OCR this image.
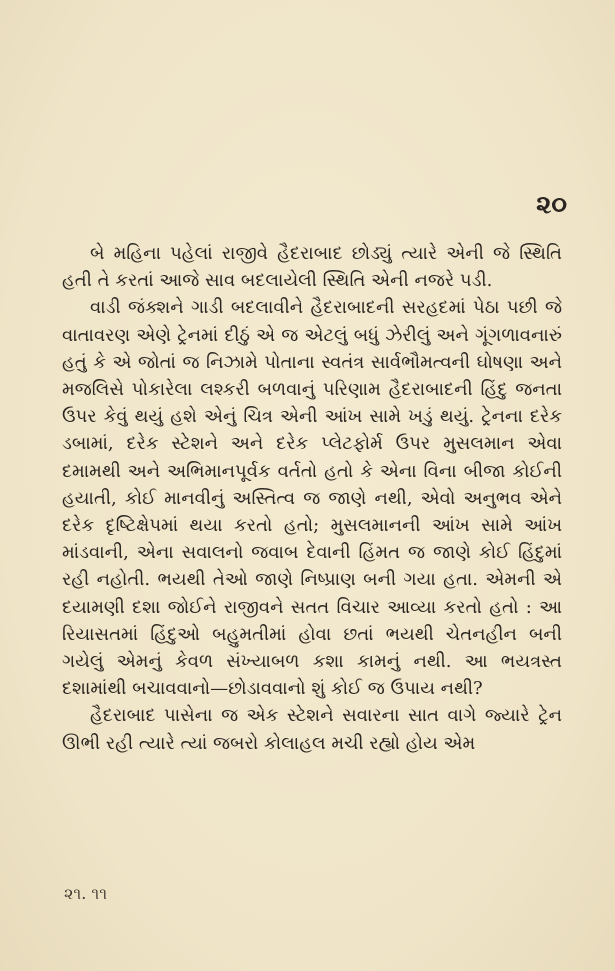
૨૦

બે મહિના પહેલાં રાજીવે હૈદરાબાદ છોડ્યું ત્યારે એની જે સ્થિતિ હતી તે કરતાં આજે સાવ બદલાયેલી સ્થિતિ એની નજરે પડી.

વાડી જંક્શને ગાડી બદલાવીને હૈદરાબાદની સરહદમાં પેઠા પછી જે વાતાવરણ એણે ટ્રેનમાં દીઠું એ જ એટલું બધું ઝેરીલું અને ગૂંગળાવનારું હતું કે એ જોતાં જ નિઝામે પોતાના સ્વતંત્ર સાર્વભૌમત્વની ઘોષણા અને મજલિસે પોકારેલા લશ્કરી બળવાનું પરિણામ હૈદરાબાદની હિંદુ જનતા ઉપર કેવું થયું હશે એનું ચિત્ર એની આંખ સામે ખડું થયું. ટ્રેનના દરેક ડબામાં, દરેક સ્ટેશને અને દરેક પ્લેટફોર્મ ઉપર મુસલમાન એવા દમામથી અને અભિમાનપૂર્વક વર્તતો હતો કે એના વિના બીજા કોઈની હયાતી, કોઈ માનવીનું અસ્તિત્વ જ જાણે નથી, એવો અનુભવ એને દરેક દૃષ્ટિક્ષેપમાં થયા કરતો હતો; મુસલમાનની આંખ સામે આંખ માંડવાની, એના સવાલનો જવાબ દેવાની હિંમત જ જાણે કોઈ હિંદુમાં રહી નહોતી. ભયથી તેઓ જાણે નિષ્પ્રાણ બની ગયા હતા. એમની એ દયામણી દશા જોઈને રાજીવને સતત વિચાર આવ્યા કરતો હતો : આ રિયાસતમાં હિંદુઓ બહુમતીમાં હોવા છતાં ભયથી ચેતનહીન બની ગયેલું એમનું કેવળ સંખ્યાબળ કશા કામનું નથી. આ ભયત્રસ્ત દશામાંથી બચાવવાનો—છોડાવવાનો શું કોઈ જ ઉપાય નથી?

હૈદરાબાદ પાસેના જ એક સ્ટેશને સવારના સાત વાગે જ્યારે ટ્રેન ઊભી રહી ત્યારે ત્યાં જબરો કોલાહલ મચી રહ્યો હોય એમ

૨૧. ૧૧
